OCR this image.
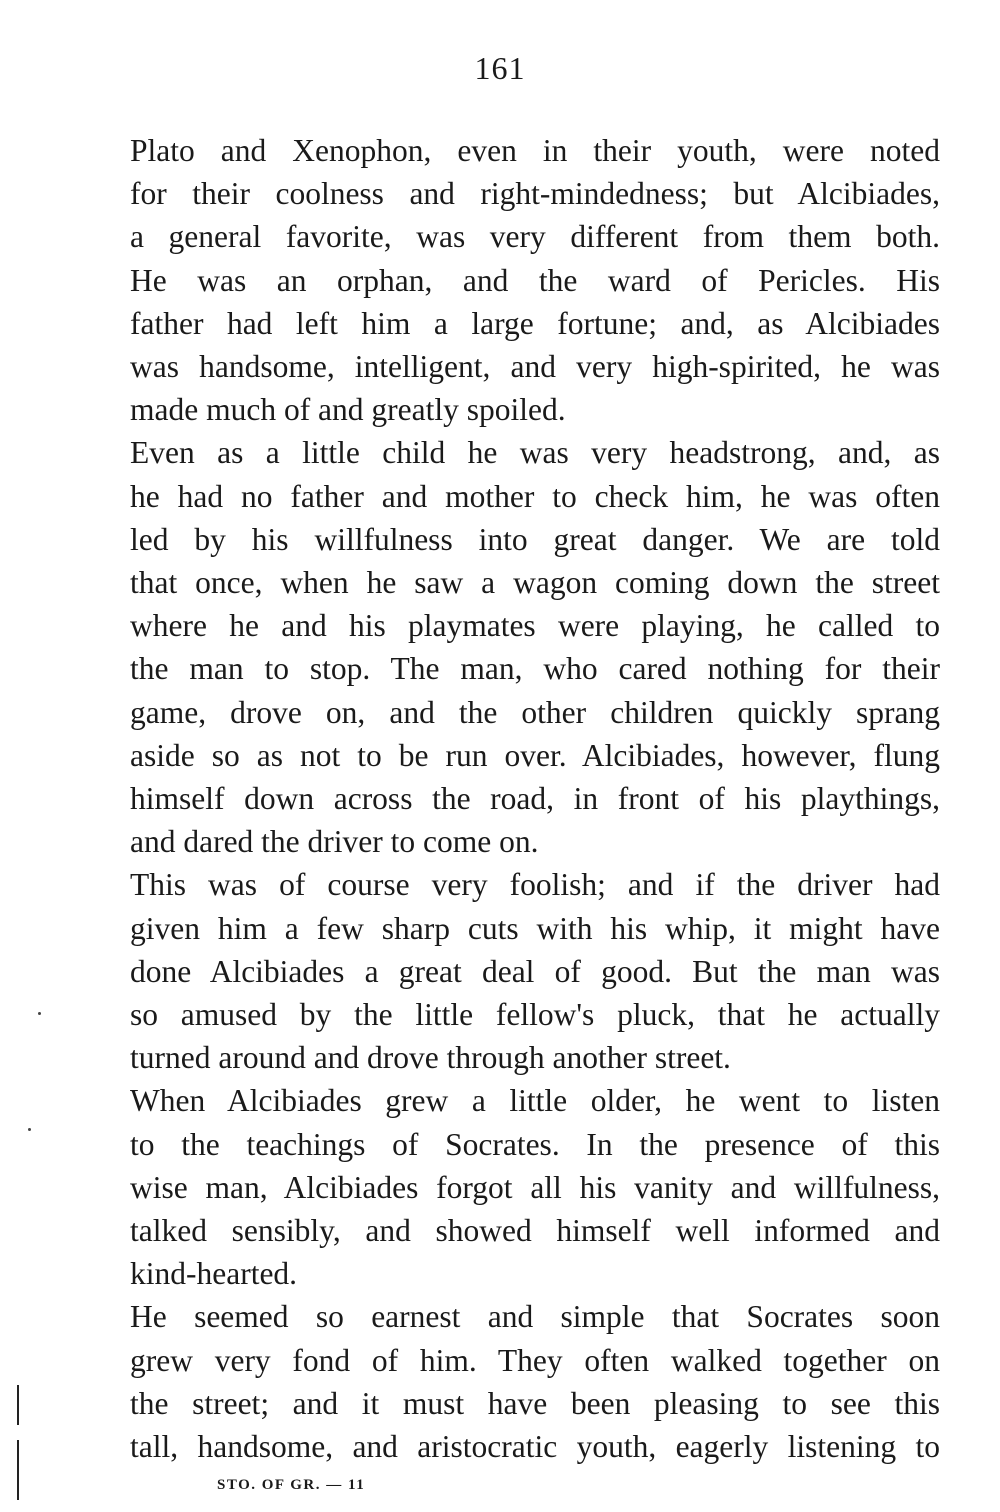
161

Plato and Xenophon, even in their youth, were noted
for their coolness and right-mindedness; but Alcibiades,
a general favorite, was very different from them both.
He was an orphan, and the ward of Pericles. His
father had left him a large fortune; and, as Alcibiades
was handsome, intelligent, and very high-spirited, he was
made much of and greatly spoiled.

Even as a little child he was very headstrong, and, as
he had no father and mother to check him, he was often
led by his willfulness into great danger. We are told
that once, when he saw a wagon coming down the street
where he and his playmates were playing, he called to
the man to stop. The man, who cared nothing for their
game, drove on, and the other children quickly sprang
aside so as not to be run over. Alcibiades, however, flung
himself down across the road, in front of his playthings,
and dared the driver to come on.

This was of course very foolish; and if the driver had
given him a few sharp cuts with his whip, it might have
done Alcibiades a great deal of good. But the man was
so amused by the little fellow's pluck, that he actually
turned around and drove through another street.

When Alcibiades grew a little older, he went to listen
to the teachings of Socrates. In the presence of this
wise man, Alcibiades forgot all his vanity and willfulness,
talked sensibly, and showed himself well informed and
kind-hearted.

He seemed so earnest and simple that Socrates soon
grew very fond of him. They often walked together on
the street; and it must have been pleasing to see this
tall, handsome, and aristocratic youth, eagerly listening to

STO. OF GR. — 11
